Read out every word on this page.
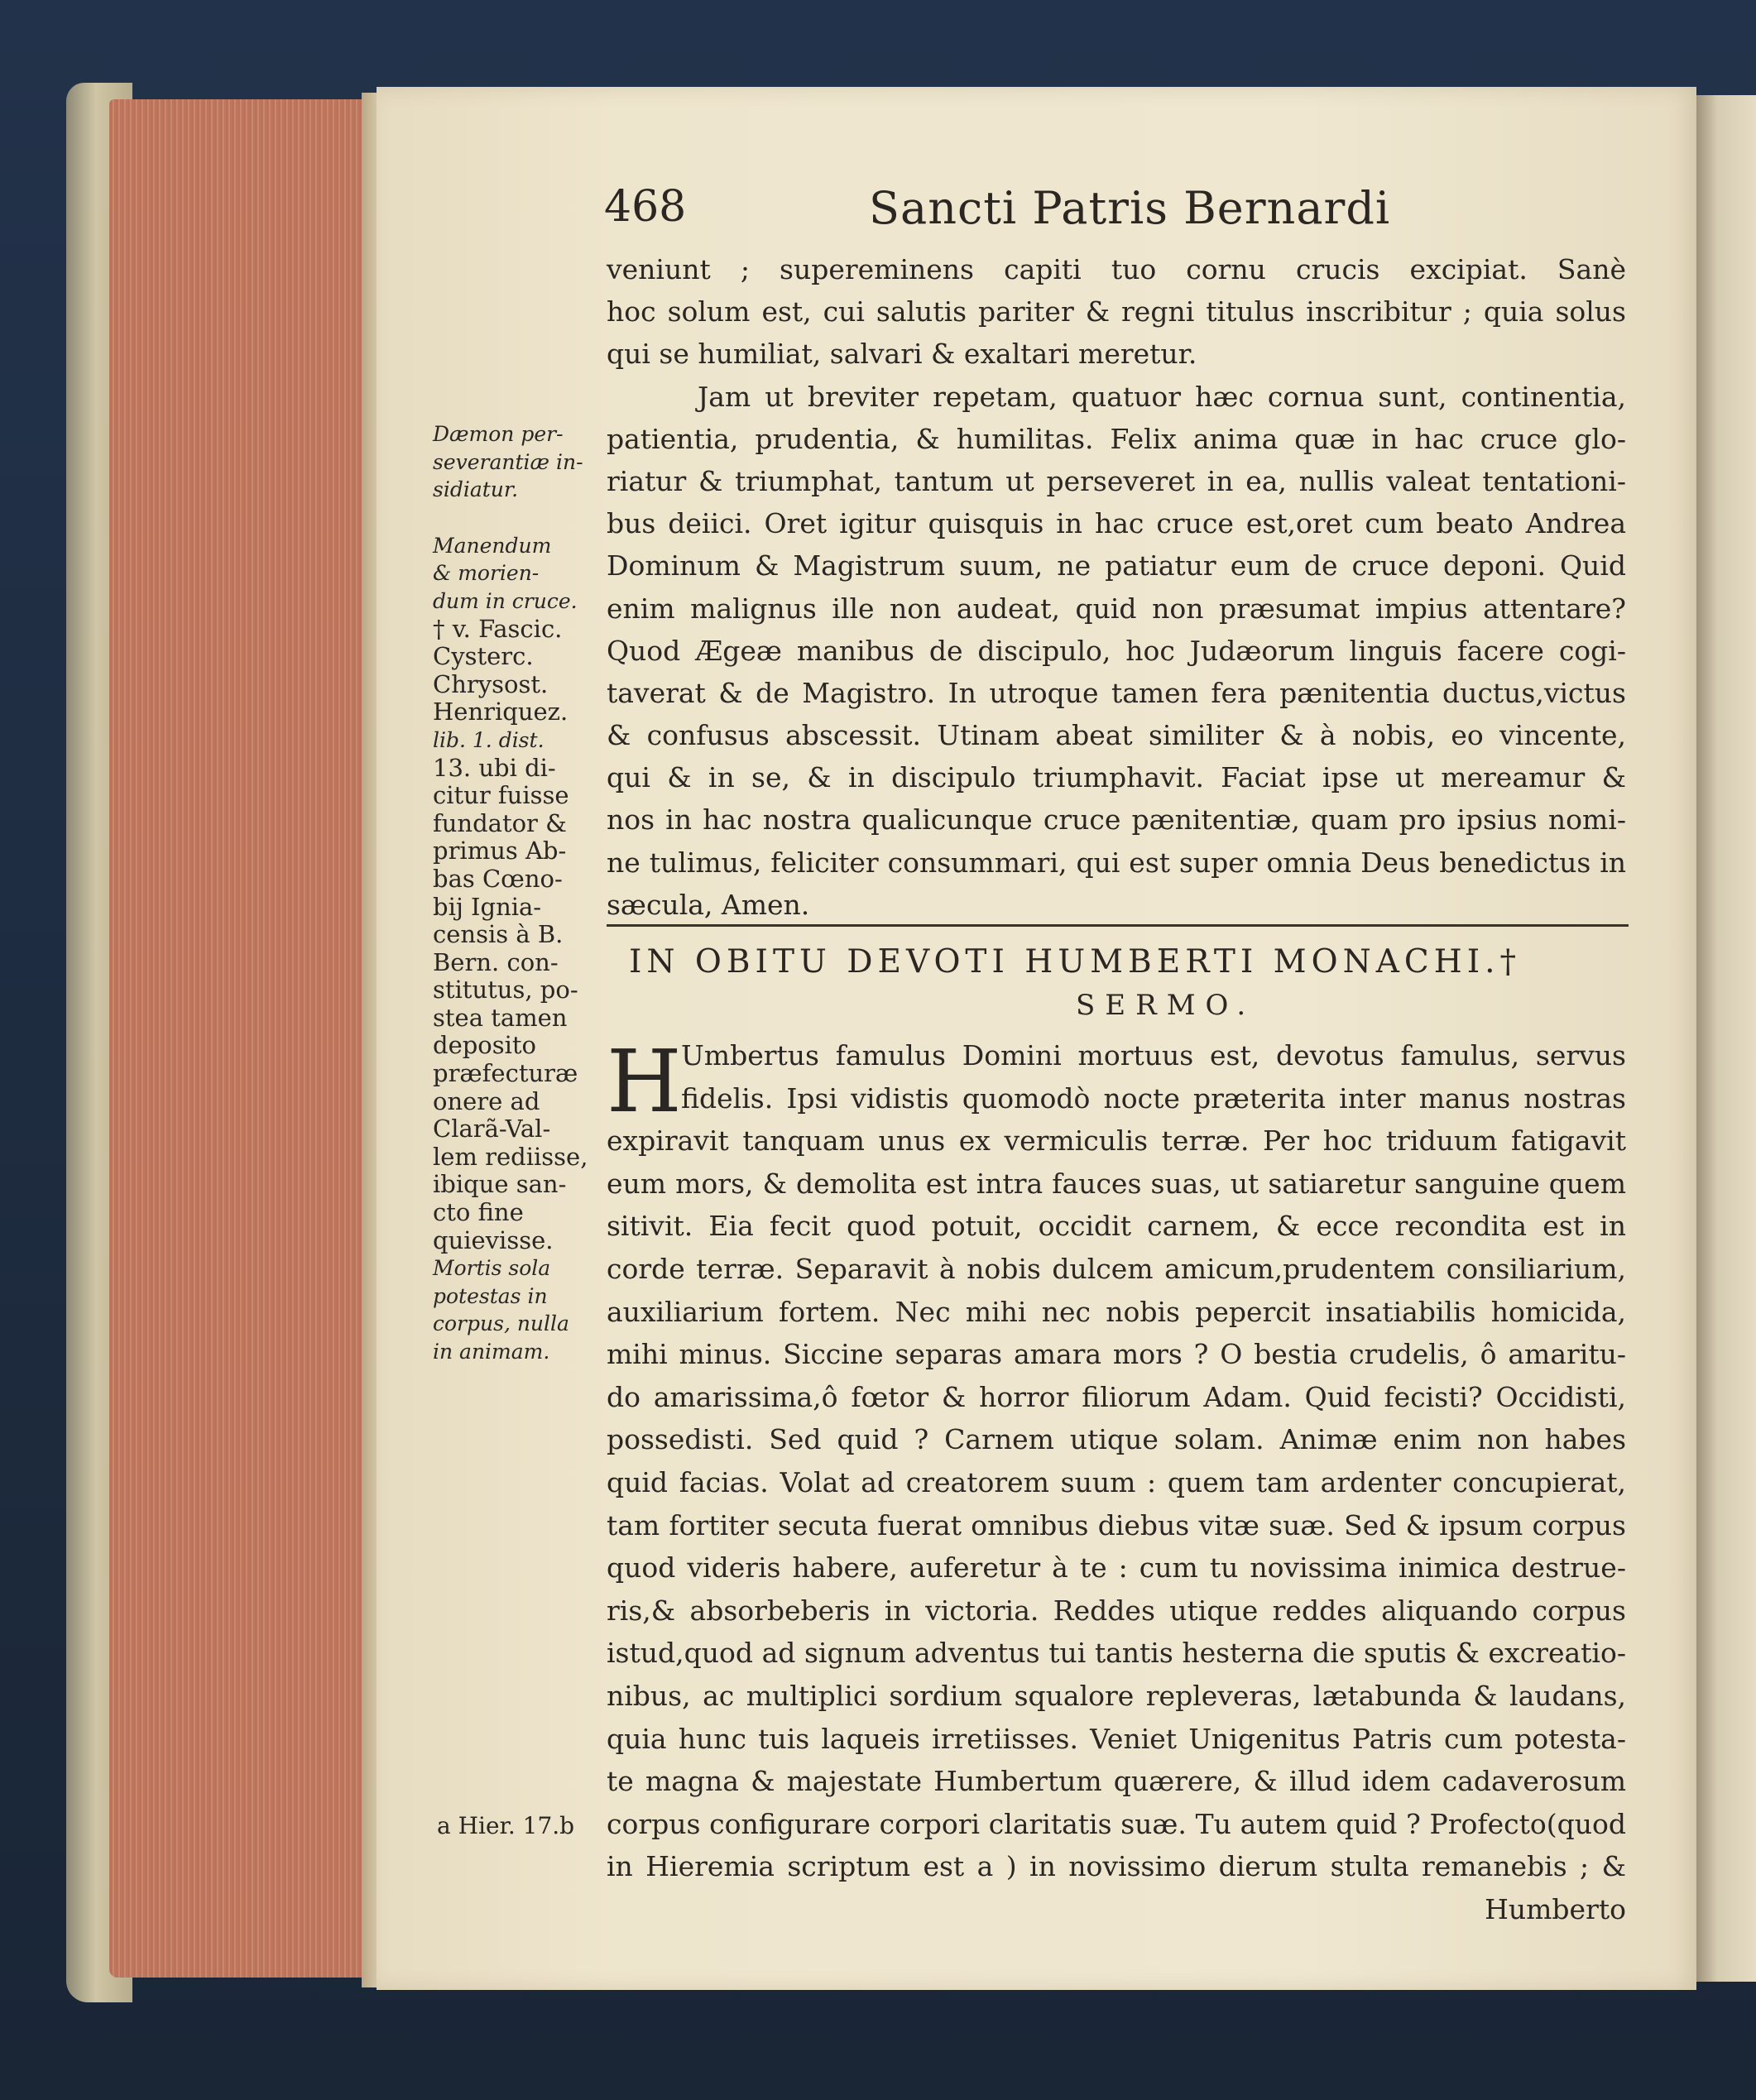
468	Sancti Patris Bernardi
veniunt ; supereminens capiti tuo cornu crucis excipiat. Sanè
hoc solum est, cui salutis pariter & regni titulus inscribitur ; quia solus
qui se humiliat, salvari & exaltari meretur.
Jam ut breviter repetam, quatuor hæc cornua sunt, continentia,
patientia, prudentia, & humilitas. Felix anima quæ in hac cruce glo-
riatur & triumphat, tantum ut perseveret in ea, nullis valeat tentationi-
bus deiici. Oret igitur quisquis in hac cruce est,oret cum beato Andrea
Dominum & Magistrum suum, ne patiatur eum de cruce deponi. Quid
enim malignus ille non audeat, quid non præsumat impius attentare?
Quod Ægeæ manibus de discipulo, hoc Judæorum linguis facere cogi-
taverat & de Magistro. In utroque tamen fera pænitentia ductus,victus
& confusus abscessit. Utinam abeat similiter & à nobis, eo vincente,
qui & in se, & in discipulo triumphavit. Faciat ipse ut mereamur &
nos in hac nostra qualicunque cruce pænitentiæ, quam pro ipsius nomi-
ne tulimus, feliciter consummari, qui est super omnia Deus benedictus in
sæcula, Amen.
IN OBITU DEVOTI HUMBERTI MONACHI.†
SERMO.
H Umbertus famulus Domini mortuus est, devotus famulus, servus
fidelis. Ipsi vidistis quomodò nocte præterita inter manus nostras
expiravit tanquam unus ex vermiculis terræ. Per hoc triduum fatigavit
eum mors, & demolita est intra fauces suas, ut satiaretur sanguine quem
sitivit. Eia fecit quod potuit, occidit carnem, & ecce recondita est in
corde terræ. Separavit à nobis dulcem amicum,prudentem consiliarium,
auxiliarium fortem. Nec mihi nec nobis pepercit insatiabilis homicida,
mihi minus. Siccine separas amara mors ? O bestia crudelis, ô amaritu-
do amarissima,ô fœtor & horror filiorum Adam. Quid fecisti? Occidisti,
possedisti. Sed quid ? Carnem utique solam. Animæ enim non habes
quid facias. Volat ad creatorem suum : quem tam ardenter concupierat,
tam fortiter secuta fuerat omnibus diebus vitæ suæ. Sed & ipsum corpus
quod videris habere, auferetur à te : cum tu novissima inimica destrue-
ris,& absorbeberis in victoria. Reddes utique reddes aliquando corpus
istud,quod ad signum adventus tui tantis hesterna die sputis & excreatio-
nibus, ac multiplici sordium squalore repleveras, lætabunda & laudans,
quia hunc tuis laqueis irretiisses. Veniet Unigenitus Patris cum potesta-
te magna & majestate Humbertum quærere, & illud idem cadaverosum
corpus configurare corpori claritatis suæ. Tu autem quid ? Profecto(quod
in Hieremia scriptum est a ) in novissimo dierum stulta remanebis ; &
Humberto
Dæmon per-
severantiæ in-
sidiatur.
Manendum
& morien-
dum in cruce.
† v. Fascic.
Cysterc.
Chrysost.
Henriquez.
lib. 1. dist.
13. ubi di-
citur fuisse
fundator &
primus Ab-
bas Cœno-
bij Ignia-
censis à B.
Bern. con-
stitutus, po-
stea tamen
deposito
præfecturæ
onere ad
Clarã-Val-
lem rediisse,
ibique san-
cto fine
quievisse.
Mortis sola
potestas in
corpus, nulla
in animam.
a Hier. 17.b
